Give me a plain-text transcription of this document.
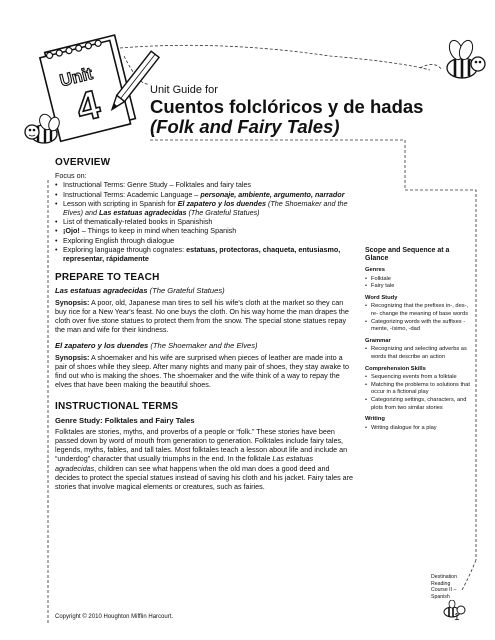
Unit
4	Unit Guide for
Cuentos folclóricos y de hadas
(Folk and Fairy Tales)
OVERVIEW
Focus on:
• Instructional Terms: Genre Study – Folktales and fairy tales
• Instructional Terms: Academic Language – personaje, ambiente, argumento, narrador
• Lesson with scripting in Spanish for El zapatero y los duendes (The Shoemaker and the Elves) and Las estatuas agradecidas (The Grateful Statues)
• List of thematically-related books in Spanishish
• ¡Ojo! – Things to keep in mind when teaching Spanish
• Exploring English through dialogue
• Exploring language through cognates: estatuas, protectoras, chaqueta, entusiasmo, representar, rápidamente
PREPARE TO TEACH
Las estatuas agradecidas (The Grateful Statues)

Synopsis: A poor, old, Japanese man tires to sell his wife's cloth at the market so they can buy rice for a New Year's feast. No one buys the cloth. On his way home the man drapes the cloth over five stone statues to protect them from the snow. The special stone statues repay the man and wife for their kindness.

El zapatero y los duendes (The Shoemaker and the Elves)

Synopsis: A shoemaker and his wife are surprised when pieces of leather are made into a pair of shoes while they sleep. After many nights and many pair of shoes, they stay awake to find out who is making the shoes. The shoemaker and the wife think of a way to repay the elves that have been making the beautiful shoes.

INSTRUCTIONAL TERMS
Genre Study: Folktales and Fairy Tales

Folktales are stories, myths, and proverbs of a people or “folk.” These stories have been passed down by word of mouth from generation to generation. Folktales include fairy tales, legends, myths, fables, and tall tales. Most folktales teach a lesson about life and include an “underdog” character that usually triumphs in the end. In the folktale Las estatuas agradecidas, children can see what happens when the old man does a good deed and decides to protect the special statues instead of saving his cloth and his jacket. Fairy tales are stories that involve magical elements or creatures, such as fairies.

Scope and Sequence at a Glance
Genres
• Folktale
• Fairy tale
Word Study
• Recognizing that the prefixes in-, des-, re- change the meaning of base words
• Categorizing words with the suffixes -mente, -ísimo, -dad
Grammar
• Recognizing and selecting adverbs as words that describe an action
Comprehension Skills
• Sequencing events from a folktale
• Matching the problems to solutions that occur in a fictional play
• Categorizing settings, characters, and plots from two similar stories
Writing
• Writing dialogue for a play
Destination
Reading
Course II –
Spanish
Copyright © 2010 Houghton Mifflin Harcourt.	1
